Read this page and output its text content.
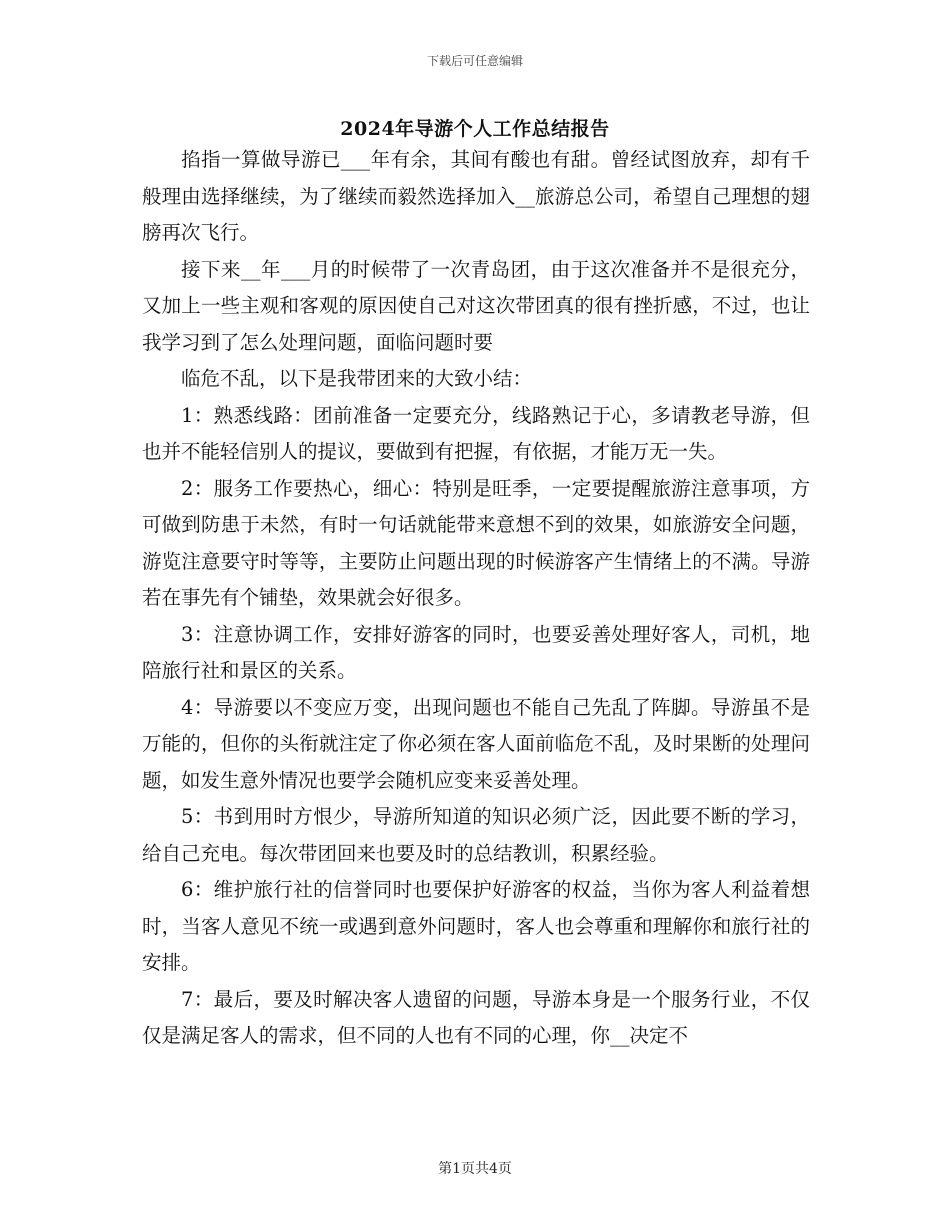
下载后可任意编辑
2024年导游个人工作总结报告

掐指一算做导游已___年有余，其间有酸也有甜。曾经试图放弃，却有千般理由选择继续，为了继续而毅然选择加入__旅游总公司，希望自己理想的翅膀再次飞行。

接下来__年___月的时候带了一次青岛团，由于这次准备并不是很充分，又加上一些主观和客观的原因使自己对这次带团真的很有挫折感，不过，也让我学习到了怎么处理问题，面临问题时要

临危不乱，以下是我带团来的大致小结：

1：熟悉线路：团前准备一定要充分，线路熟记于心，多请教老导游，但也并不能轻信别人的提议，要做到有把握，有依据，才能万无一失。

2：服务工作要热心，细心：特别是旺季，一定要提醒旅游注意事项，方可做到防患于未然，有时一句话就能带来意想不到的效果，如旅游安全问题，游览注意要守时等等，主要防止问题出现的时候游客产生情绪上的不满。导游若在事先有个铺垫，效果就会好很多。

3：注意协调工作，安排好游客的同时，也要妥善处理好客人，司机，地陪旅行社和景区的关系。

4：导游要以不变应万变，出现问题也不能自己先乱了阵脚。导游虽不是万能的，但你的头衔就注定了你必须在客人面前临危不乱，及时果断的处理问题，如发生意外情况也要学会随机应变来妥善处理。

5：书到用时方恨少，导游所知道的知识必须广泛，因此要不断的学习，给自己充电。每次带团回来也要及时的总结教训，积累经验。

6：维护旅行社的信誉同时也要保护好游客的权益，当你为客人利益着想时，当客人意见不统一或遇到意外问题时，客人也会尊重和理解你和旅行社的安排。

7：最后，要及时解决客人遗留的问题，导游本身是一个服务行业，不仅仅是满足客人的需求，但不同的人也有不同的心理，你__决定不

第1页共4页
